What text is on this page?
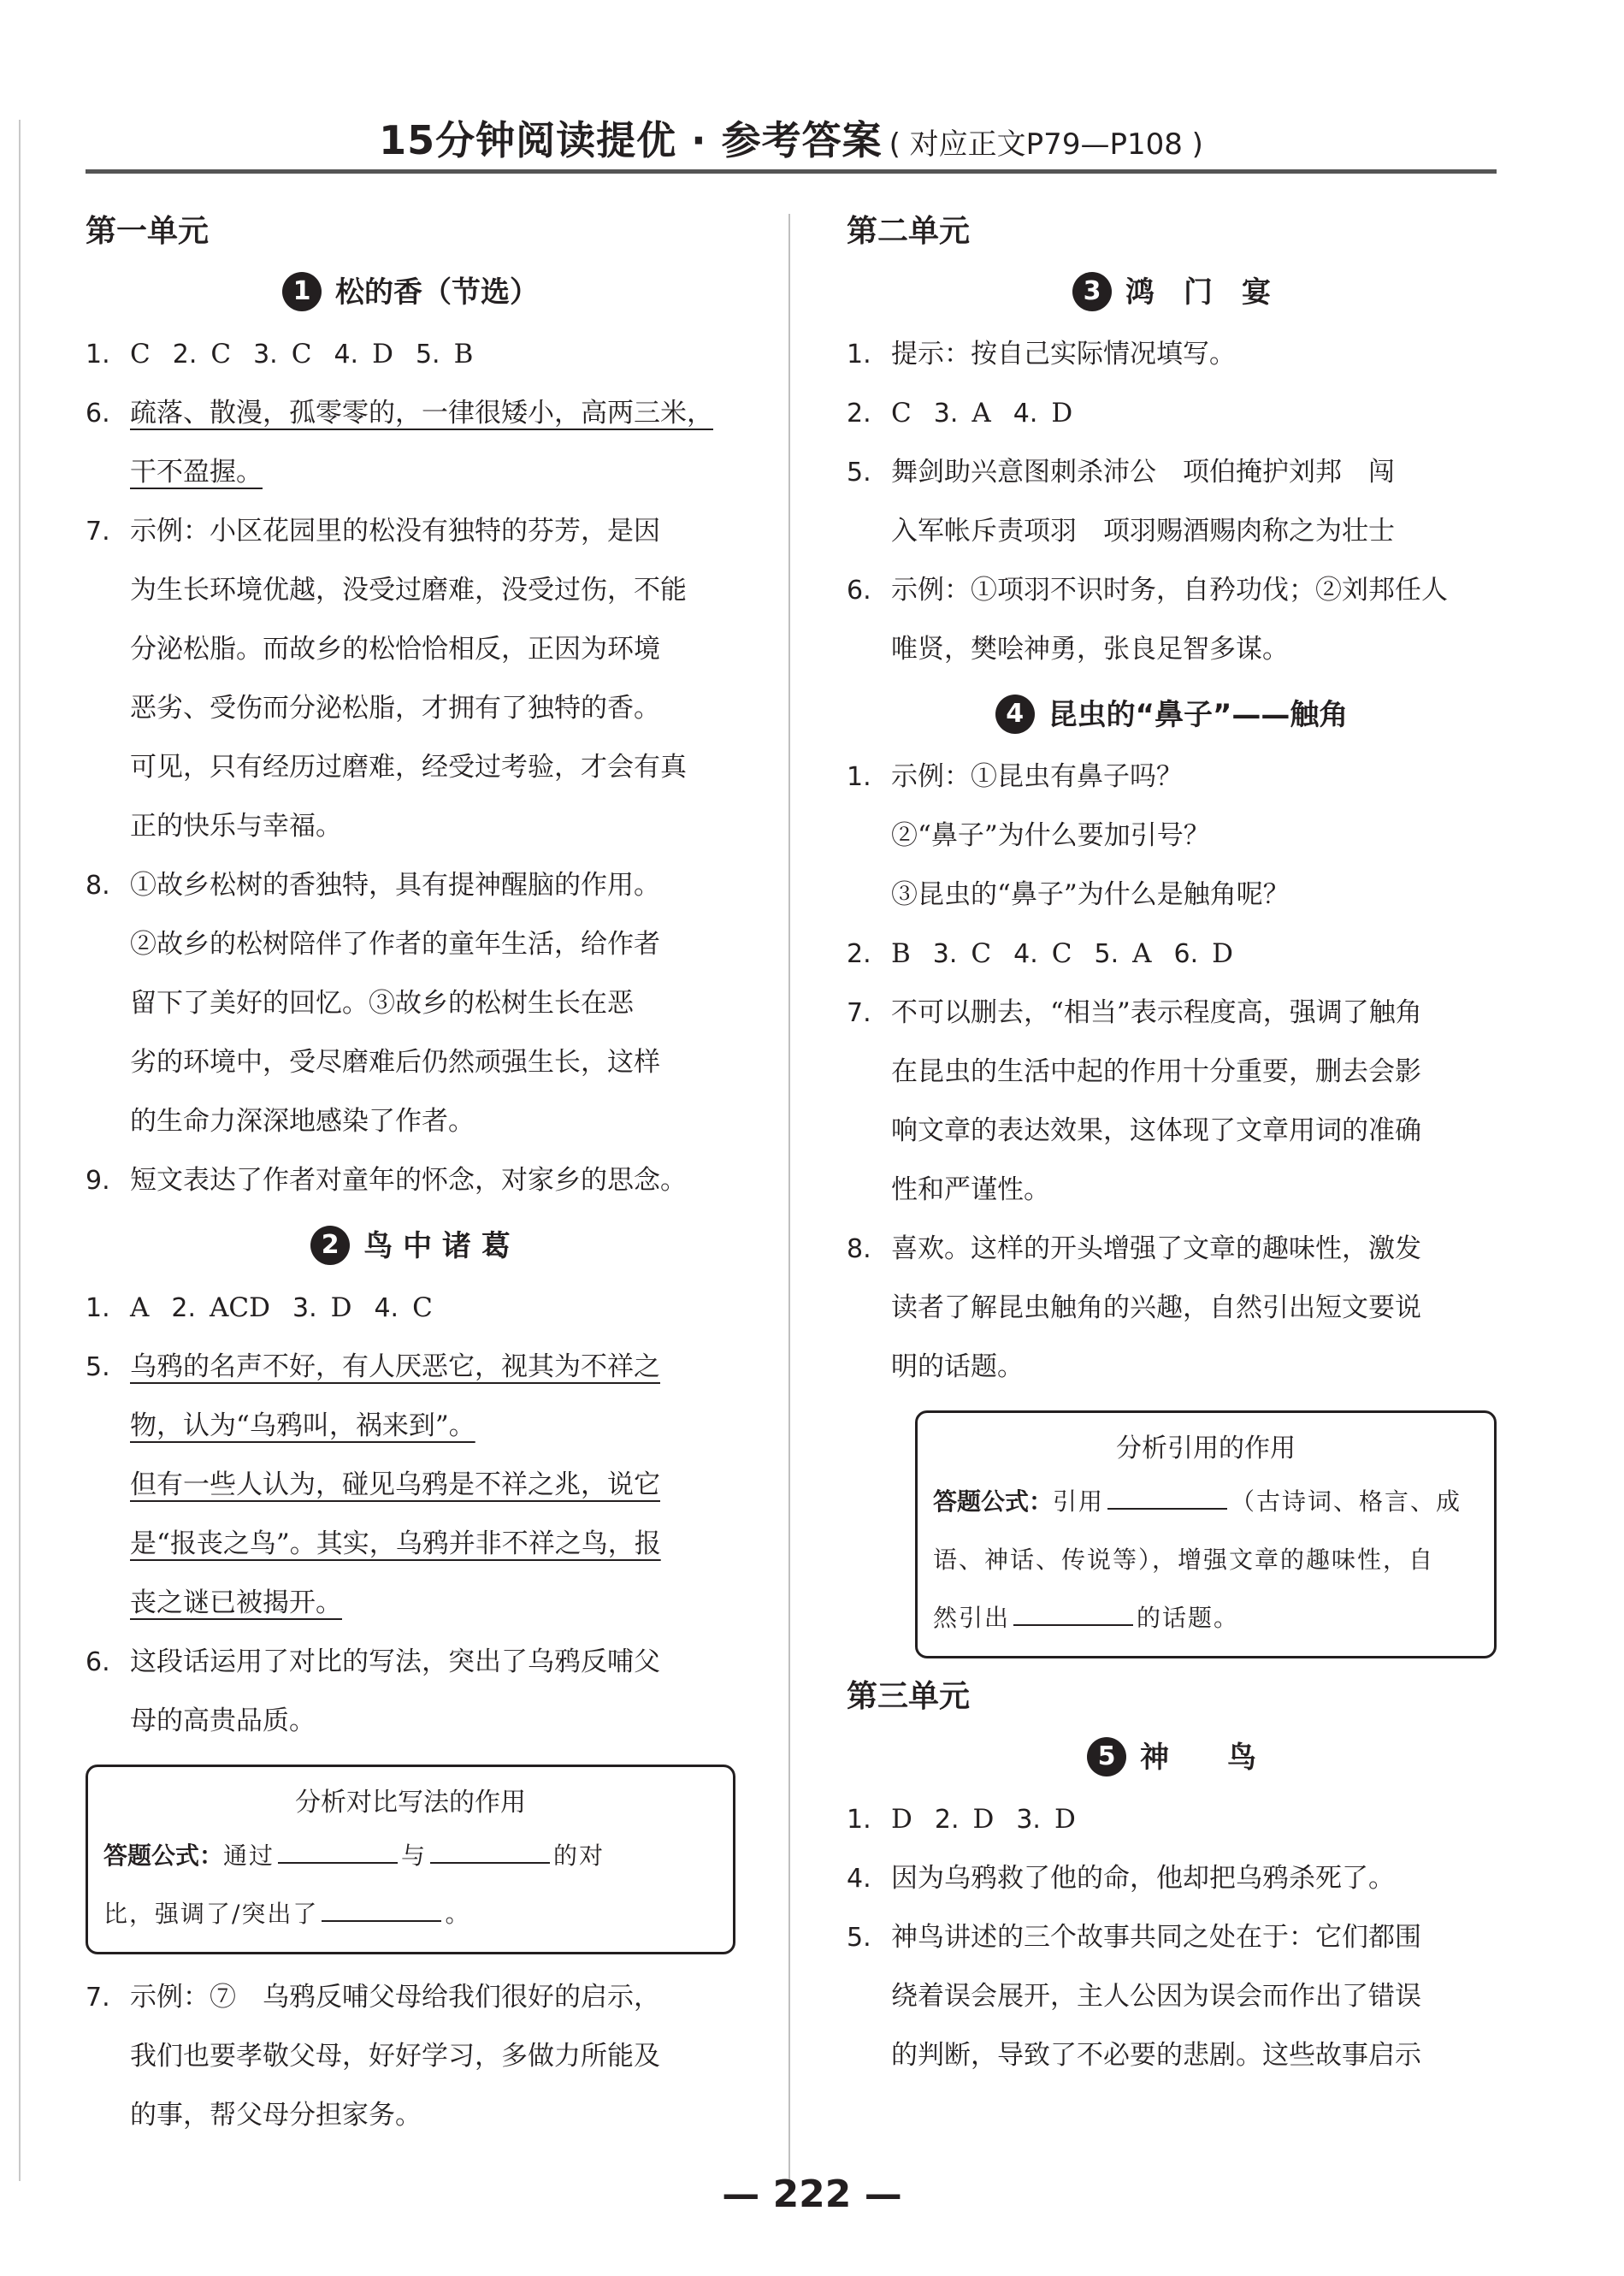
15分钟阅读提优 · 参考答案 ( 对应正文P79—P108 )
第一单元
1 松的香（节选）
1. C 2. C 3. C 4. D 5. B
6. 疏落、散漫，孤零零的，一律很矮小，高两三米，
干不盈握。
7. 示例：小区花园里的松没有独特的芬芳，是因
为生长环境优越，没受过磨难，没受过伤，不能
分泌松脂。而故乡的松恰恰相反，正因为环境
恶劣、受伤而分泌松脂，才拥有了独特的香。
可见，只有经历过磨难，经受过考验，才会有真
正的快乐与幸福。
8. ①故乡松树的香独特，具有提神醒脑的作用。
②故乡的松树陪伴了作者的童年生活，给作者
留下了美好的回忆。③故乡的松树生长在恶
劣的环境中，受尽磨难后仍然顽强生长，这样
的生命力深深地感染了作者。
9. 短文表达了作者对童年的怀念，对家乡的思念。
2 鸟 中 诸 葛
1. A 2. ACD 3. D 4. C
5. 乌鸦的名声不好，有人厌恶它，视其为不祥之
物，认为“乌鸦叫，祸来到”。
但有一些人认为，碰见乌鸦是不祥之兆，说它
是“报丧之鸟”。其实，乌鸦并非不祥之鸟，报
丧之谜已被揭开。
6. 这段话运用了对比的写法，突出了乌鸦反哺父
母的高贵品质。
分析对比写法的作用
答题公式：通过	与	的对
比，强调了/突出了	。
7. 示例：⑦　乌鸦反哺父母给我们很好的启示，
我们也要孝敬父母，好好学习，多做力所能及
的事，帮父母分担家务。
第二单元
3 鸿　门　宴
1. 提示：按自己实际情况填写。
2. C 3. A 4. D
5. 舞剑助兴意图刺杀沛公　项伯掩护刘邦　闯
入军帐斥责项羽　项羽赐酒赐肉称之为壮士
6. 示例：①项羽不识时务，自矜功伐；②刘邦任人
唯贤，樊哙神勇，张良足智多谋。
4 昆虫的“鼻子”——触角
1. 示例：①昆虫有鼻子吗？
②“鼻子”为什么要加引号？
③昆虫的“鼻子”为什么是触角呢？
2. B 3. C 4. C 5. A 6. D
7. 不可以删去，“相当”表示程度高，强调了触角
在昆虫的生活中起的作用十分重要，删去会影
响文章的表达效果，这体现了文章用词的准确
性和严谨性。
8. 喜欢。这样的开头增强了文章的趣味性，激发
读者了解昆虫触角的兴趣，自然引出短文要说
明的话题。
分析引用的作用
答题公式：引用	（古诗词、格言、成
语、神话、传说等），增强文章的趣味性，自
然引出	的话题。
第三单元
5 神　　鸟
1. D 2. D 3. D
4. 因为乌鸦救了他的命，他却把乌鸦杀死了。
5. 神鸟讲述的三个故事共同之处在于：它们都围
绕着误会展开，主人公因为误会而作出了错误
的判断，导致了不必要的悲剧。这些故事启示
— 222 —
